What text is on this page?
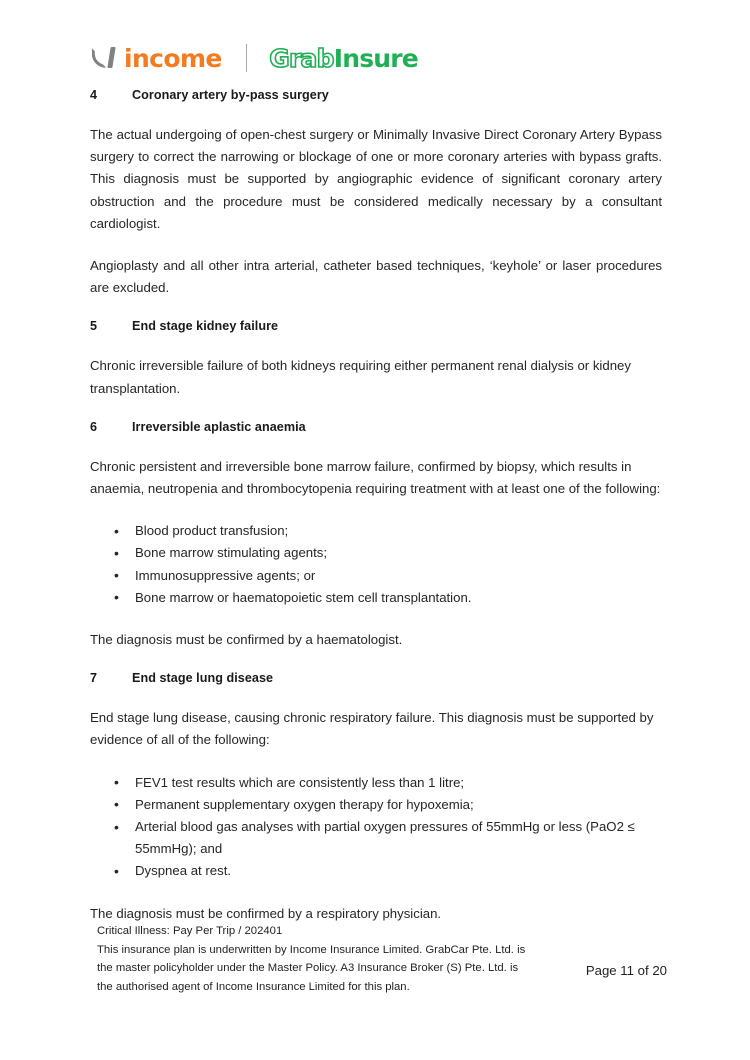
income GrabInsure
4	Coronary artery by-pass surgery

The actual undergoing of open-chest surgery or Minimally Invasive Direct Coronary Artery Bypass surgery to correct the narrowing or blockage of one or more coronary arteries with bypass grafts. This diagnosis must be supported by angiographic evidence of significant coronary artery obstruction and the procedure must be considered medically necessary by a consultant cardiologist.

Angioplasty and all other intra arterial, catheter based techniques, ‘keyhole’ or laser procedures are excluded.

5	End stage kidney failure

Chronic irreversible failure of both kidneys requiring either permanent renal dialysis or kidney transplantation.

6	Irreversible aplastic anaemia

Chronic persistent and irreversible bone marrow failure, confirmed by biopsy, which results in anaemia, neutropenia and thrombocytopenia requiring treatment with at least one of the following:

• Blood product transfusion;
• Bone marrow stimulating agents;
• Immunosuppressive agents; or
• Bone marrow or haematopoietic stem cell transplantation.

The diagnosis must be confirmed by a haematologist.

7	End stage lung disease

End stage lung disease, causing chronic respiratory failure. This diagnosis must be supported by evidence of all of the following:

• FEV1 test results which are consistently less than 1 litre;
• Permanent supplementary oxygen therapy for hypoxemia;
• Arterial blood gas analyses with partial oxygen pressures of 55mmHg or less (PaO2 ≤ 55mmHg); and
• Dyspnea at rest.

The diagnosis must be confirmed by a respiratory physician.

Critical Illness: Pay Per Trip / 202401
This insurance plan is underwritten by Income Insurance Limited. GrabCar Pte. Ltd. is
the master policyholder under the Master Policy. A3 Insurance Broker (S) Pte. Ltd. is
the authorised agent of Income Insurance Limited for this plan.
Page 11 of 20
